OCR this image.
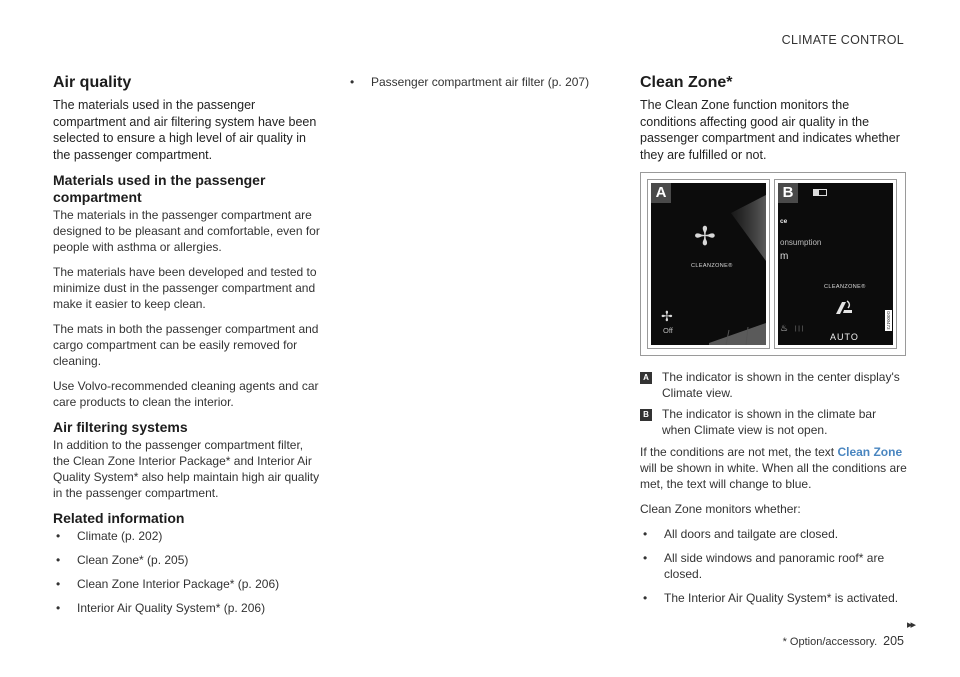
CLIMATE CONTROL
Air quality

The materials used in the passenger compartment and air filtering system have been selected to ensure a high level of air quality in the passenger compartment.

Materials used in the passenger compartment

The materials in the passenger compartment are designed to be pleasant and comfortable, even for people with asthma or allergies.

The materials have been developed and tested to minimize dust in the passenger compartment and make it easier to keep clean.

The mats in both the passenger compartment and cargo compartment can be easily removed for cleaning.

Use Volvo-recommended cleaning agents and car care products to clean the interior.

Air filtering systems

In addition to the passenger compartment filter, the Clean Zone Interior Package* and Interior Air Quality System* also help maintain high air quality in the passenger compartment.

Related information
• Climate (p. 202)
• Clean Zone* (p. 205)
• Clean Zone Interior Package* (p. 206)
• Interior Air Quality System* (p. 206)
• Passenger compartment air filter (p. 207)	Clean Zone*

The Clean Zone function monitors the conditions affecting good air quality in the passenger compartment and indicates whether they are fulfilled or not.

A
✢
CLEANZONE®
✢
Off
B
ce
onsumption
m
CLEANZONE®
♨ | | |
AUTO
G000473
A The indicator is shown in the center display's Climate view.
B The indicator is shown in the climate bar when Climate view is not open.

If the conditions are not met, the text Clean Zone will be shown in white. When all the conditions are met, the text will change to blue.

Clean Zone monitors whether:

• All doors and tailgate are closed.
• All side windows and panoramic roof* are closed.
• The Interior Air Quality System* is activated.
▸▸
* Option/accessory. 205
